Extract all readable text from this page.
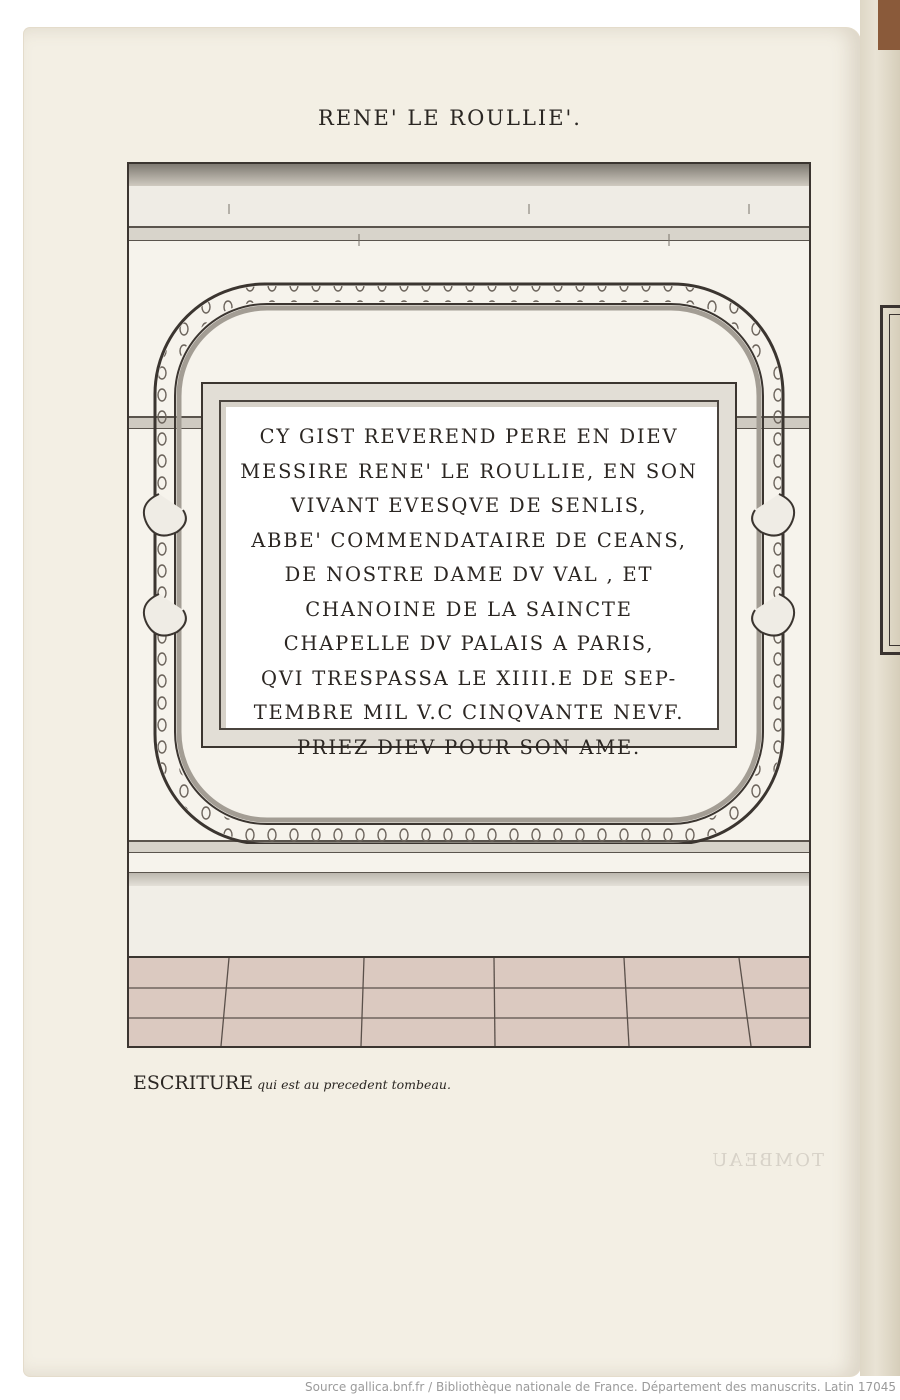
RENE' LE ROULLIE'.
CY GIST REVEREND PERE EN DIEV
MESSIRE RENE' LE ROULLIE, EN SON
VIVANT EVESQVE DE SENLIS,
ABBE' COMMENDATAIRE DE CEANS,
DE NOSTRE DAME DV VAL , ET
CHANOINE DE LA SAINCTE
CHAPELLE DV PALAIS A PARIS,
QVI TRESPASSA LE XIIII.E DE SEP-
TEMBRE MIL V.C CINQVANTE NEVF.
PRIEZ DIEV POUR SON AME.
ESCRITURE qui est au precedent tombeau.
TOMBEAU
Source gallica.bnf.fr / Bibliothèque nationale de France. Département des manuscrits. Latin 17045
